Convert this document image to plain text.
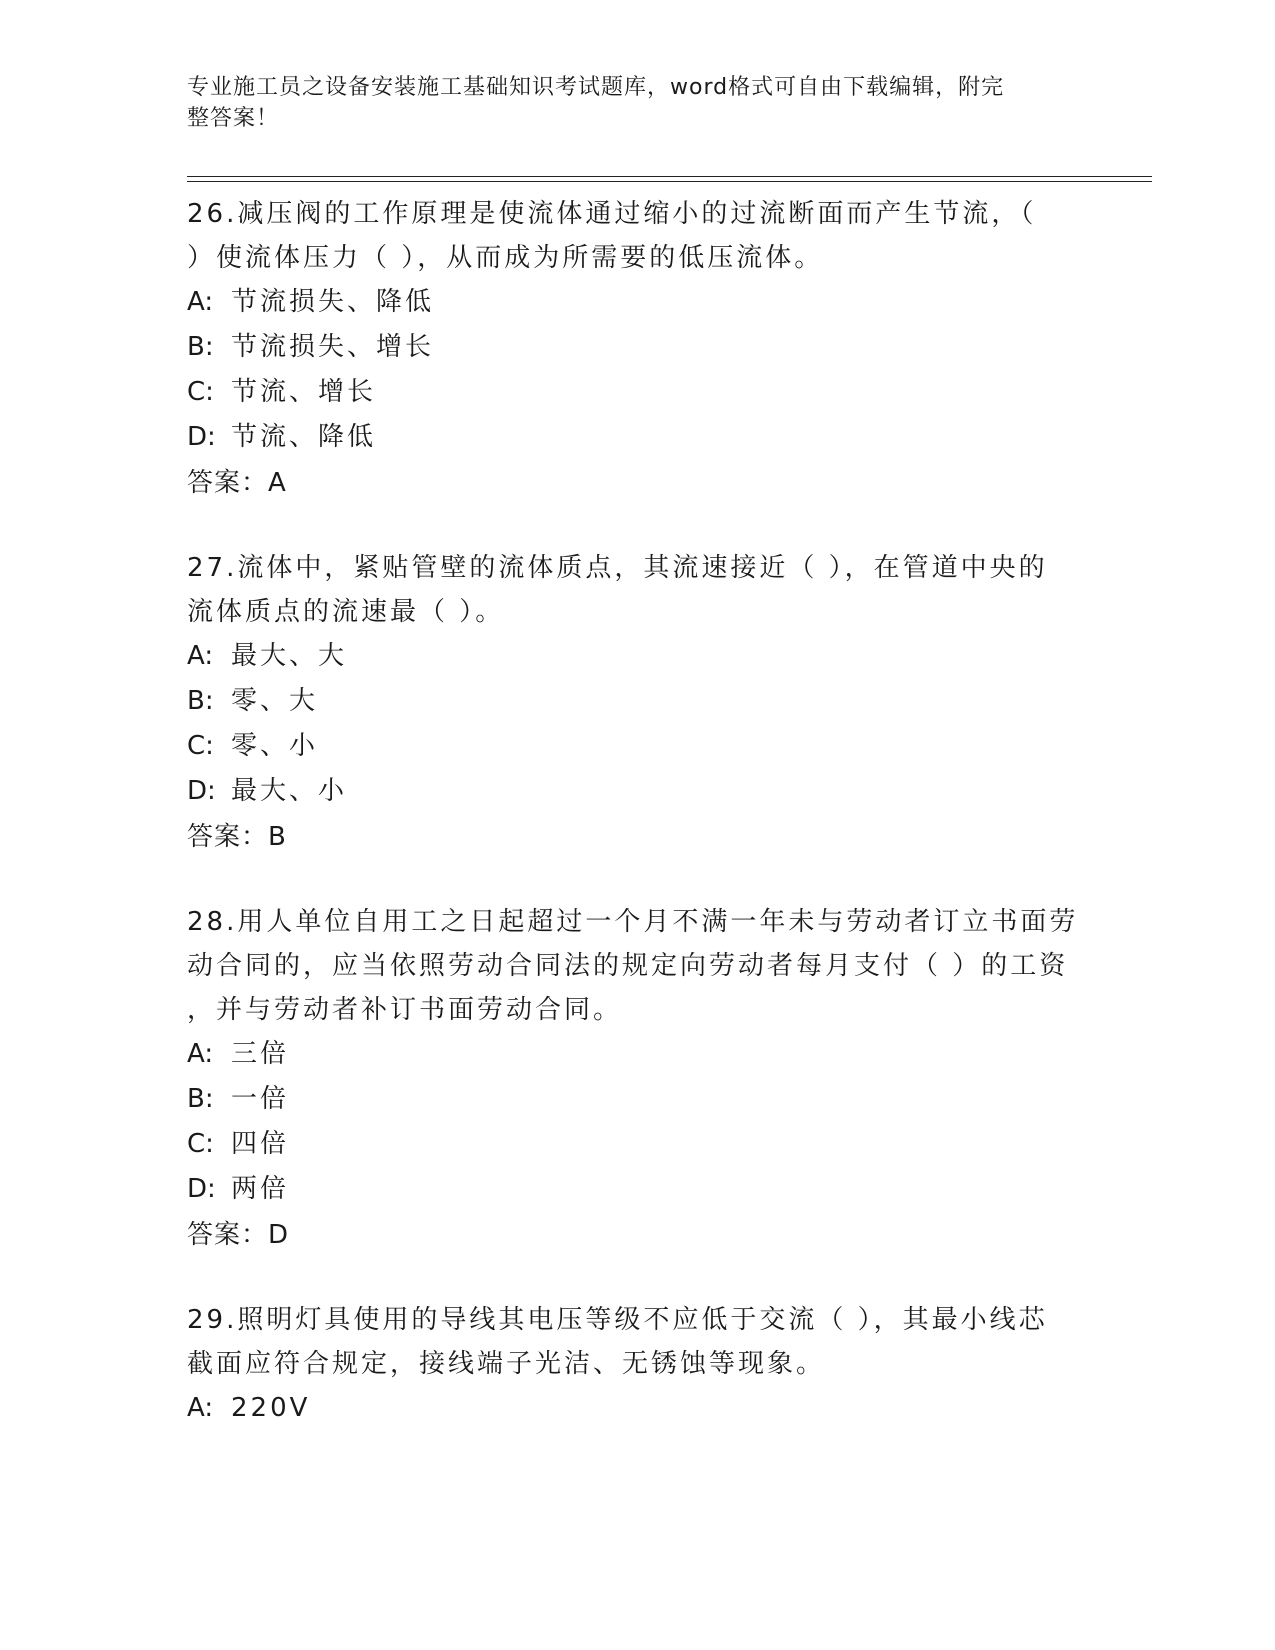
专业施工员之设备安装施工基础知识考试题库，word格式可自由下载编辑，附完
整答案！
26.减压阀的工作原理是使流体通过缩小的过流断面而产生节流，（
）使流体压力（ ），从而成为所需要的低压流体。
A: 节流损失、降低
B: 节流损失、增长
C: 节流、增长
D: 节流、降低
答案：A
27.流体中，紧贴管壁的流体质点，其流速接近（ ），在管道中央的
流体质点的流速最（ ）。
A: 最大、大
B: 零、大
C: 零、小
D: 最大、小
答案：B
28.用人单位自用工之日起超过一个月不满一年未与劳动者订立书面劳
动合同的，应当依照劳动合同法的规定向劳动者每月支付（ ）的工资
，并与劳动者补订书面劳动合同。
A: 三倍
B: 一倍
C: 四倍
D: 两倍
答案：D
29.照明灯具使用的导线其电压等级不应低于交流（ ），其最小线芯
截面应符合规定，接线端子光洁、无锈蚀等现象。
A: 220V
